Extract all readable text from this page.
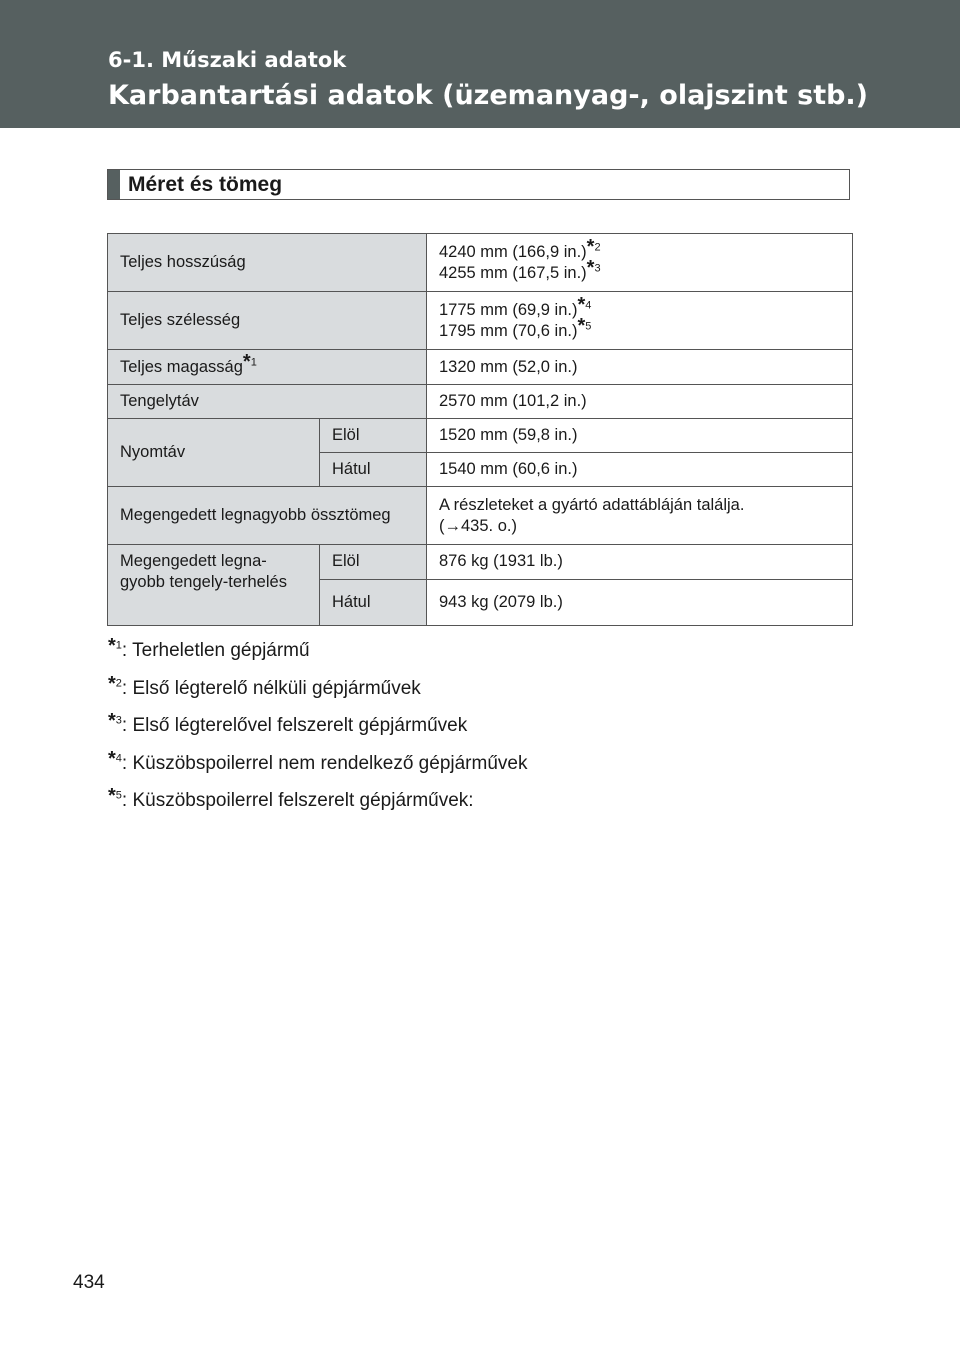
6-1. Műszaki adatok
Karbantartási adatok (üzemanyag-, olajszint stb.)
Méret és tömeg
Teljes hosszúság		4240 mm (166,9 in.)*$^2$
4255 mm (167,5 in.)*$^3$
Teljes szélesség		1775 mm (69,9 in.)*$^4$
1795 mm (70,6 in.)*$^5$
Teljes magasság*$^1$		1320 mm (52,0 in.)
Tengelytáv		2570 mm (101,2 in.)
Nyomtáv	Elöl	1520 mm (59,8 in.)
	Hátul	1540 mm (60,6 in.)
Megengedett legnagyobb össztömeg		A részleteket a gyártó adattábláján találja.
(→435. o.)
Megengedett legna-gyobb tengely-terhelés	Elöl	876 kg (1931 lb.)
	Hátul	943 kg (2079 lb.)
*$^1$: Terheletlen gépjármű
*$^2$: Első légterelő nélküli gépjárművek
*$^3$: Első légterelővel felszerelt gépjárművek
*$^4$: Küszöbspoilerrel nem rendelkező gépjárművek
*$^5$: Küszöbspoilerrel felszerelt gépjárművek:
434
